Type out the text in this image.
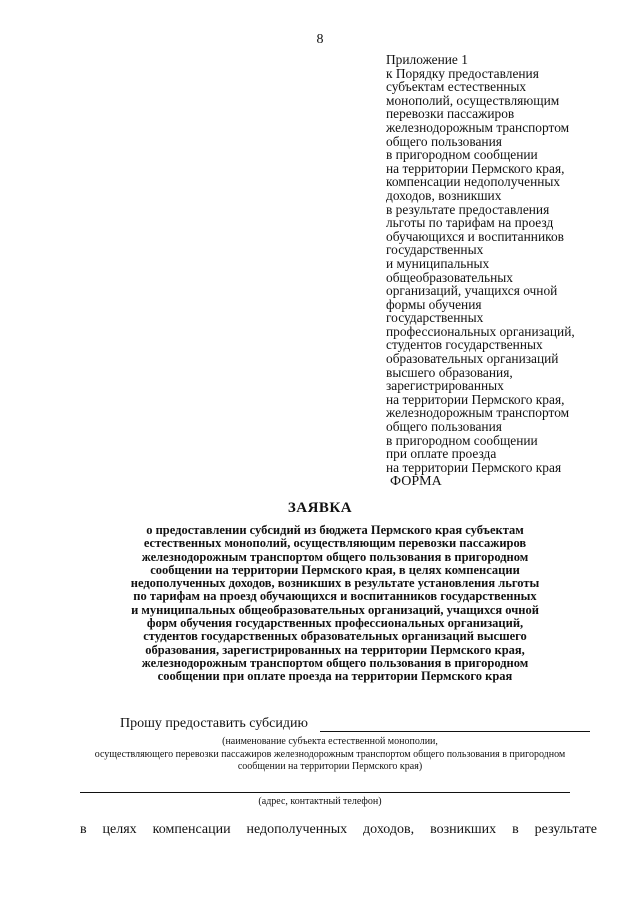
8
Приложение 1
к Порядку предоставления
субъектам естественных
монополий, осуществляющим
перевозки пассажиров
железнодорожным транспортом
общего пользования
в пригородном сообщении
на территории Пермского края,
компенсации недополученных
доходов, возникших
в результате предоставления
льготы по тарифам на проезд
обучающихся и воспитанников
государственных
и муниципальных
общеобразовательных
организаций, учащихся очной
формы обучения
государственных
профессиональных организаций,
студентов государственных
образовательных организаций
высшего образования,
зарегистрированных
на территории Пермского края,
железнодорожным транспортом
общего пользования
в пригородном сообщении
при оплате проезда
на территории Пермского края
ФОРМА
ЗАЯВКА
о предоставлении субсидий из бюджета Пермского края субъектам
естественных монополий, осуществляющим перевозки пассажиров
железнодорожным транспортом общего пользования в пригородном
сообщении на территории Пермского края, в целях компенсации
недополученных доходов, возникших в результате установления льготы
по тарифам на проезд обучающихся и воспитанников государственных
и муниципальных общеобразовательных организаций, учащихся очной
форм обучения государственных профессиональных организаций,
студентов государственных образовательных организаций высшего
образования, зарегистрированных на территории Пермского края,
железнодорожным транспортом общего пользования в пригородном
сообщении при оплате проезда на территории Пермского края
Прошу предоставить субсидию
(наименование субъекта естественной монополии,
осуществляющего перевозки пассажиров железнодорожным транспортом общего пользования в пригородном
сообщении на территории Пермского края)
(адрес, контактный телефон)
в целях компенсации недополученных доходов, возникших в результате
